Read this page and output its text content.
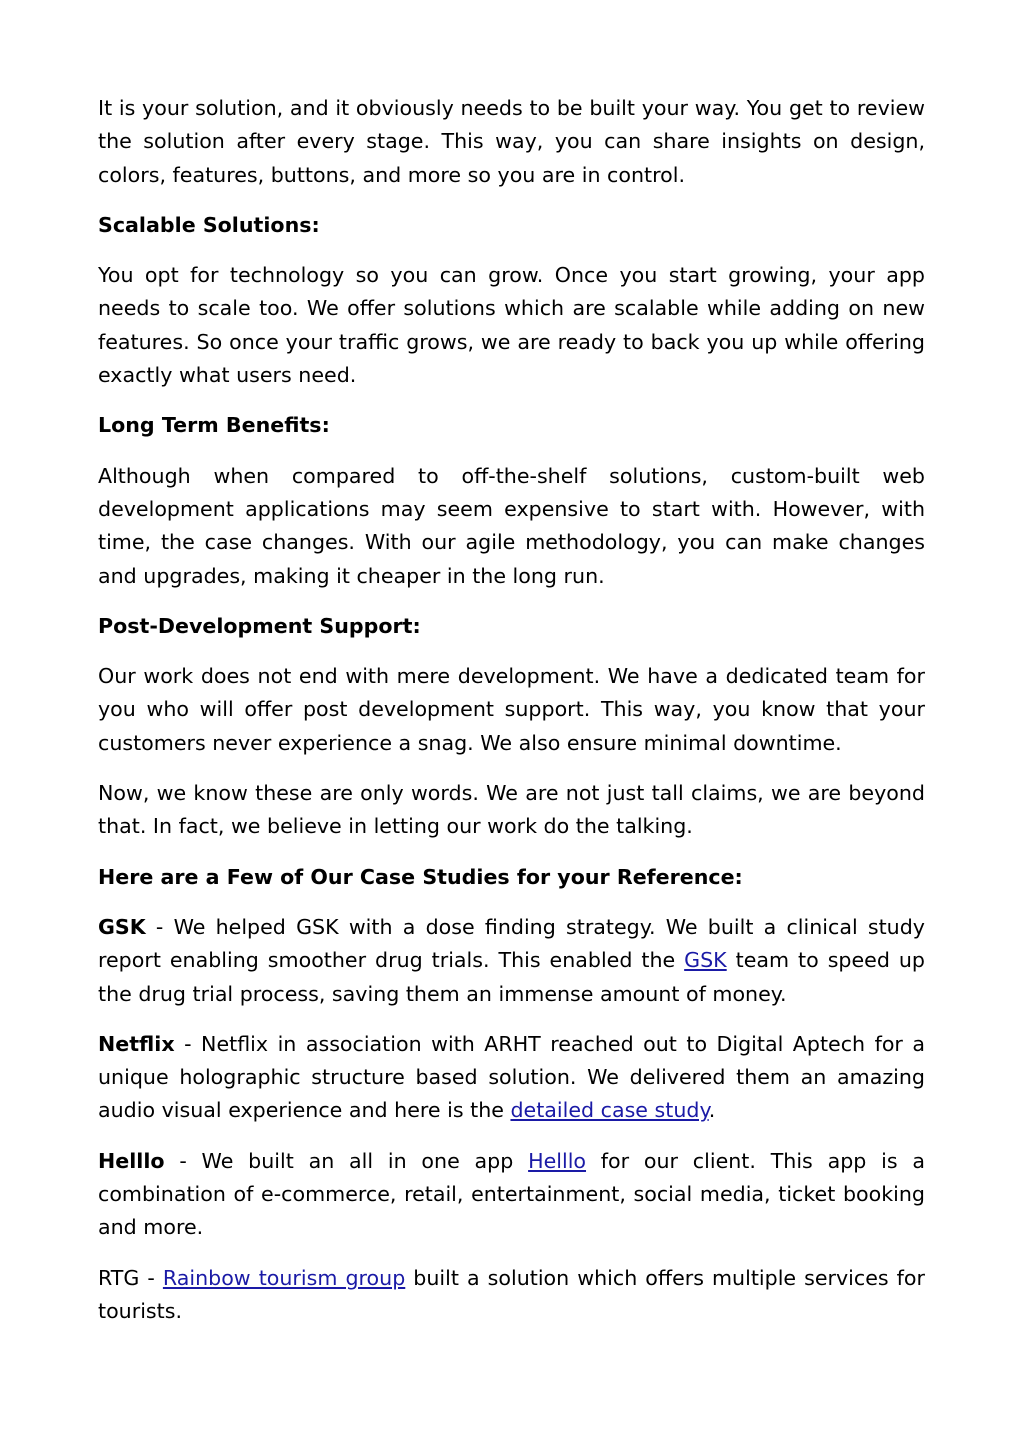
It is your solution, and it obviously needs to be built your way. You get to review the solution after every stage. This way, you can share insights on design, colors, features, buttons, and more so you are in control.

Scalable Solutions:

You opt for technology so you can grow. Once you start growing, your app needs to scale too. We offer solutions which are scalable while adding on new features. So once your traffic grows, we are ready to back you up while offering exactly what users need.

Long Term Benefits:

Although when compared to off-the-shelf solutions, custom-built web development applications may seem expensive to start with. However, with time, the case changes. With our agile methodology, you can make changes and upgrades, making it cheaper in the long run.

Post-Development Support:

Our work does not end with mere development. We have a dedicated team for you who will offer post development support. This way, you know that your customers never experience a snag. We also ensure minimal downtime.

Now, we know these are only words. We are not just tall claims, we are beyond that. In fact, we believe in letting our work do the talking.

Here are a Few of Our Case Studies for your Reference:

GSK - We helped GSK with a dose finding strategy. We built a clinical study report enabling smoother drug trials. This enabled the GSK team to speed up the drug trial process, saving them an immense amount of money.

Netflix - Netflix in association with ARHT reached out to Digital Aptech for a unique holographic structure based solution. We delivered them an amazing audio visual experience and here is the detailed case study.

Helllo - We built an all in one app Helllo for our client. This app is a combination of e-commerce, retail, entertainment, social media, ticket booking and more.

RTG - Rainbow tourism group built a solution which offers multiple services for tourists.
